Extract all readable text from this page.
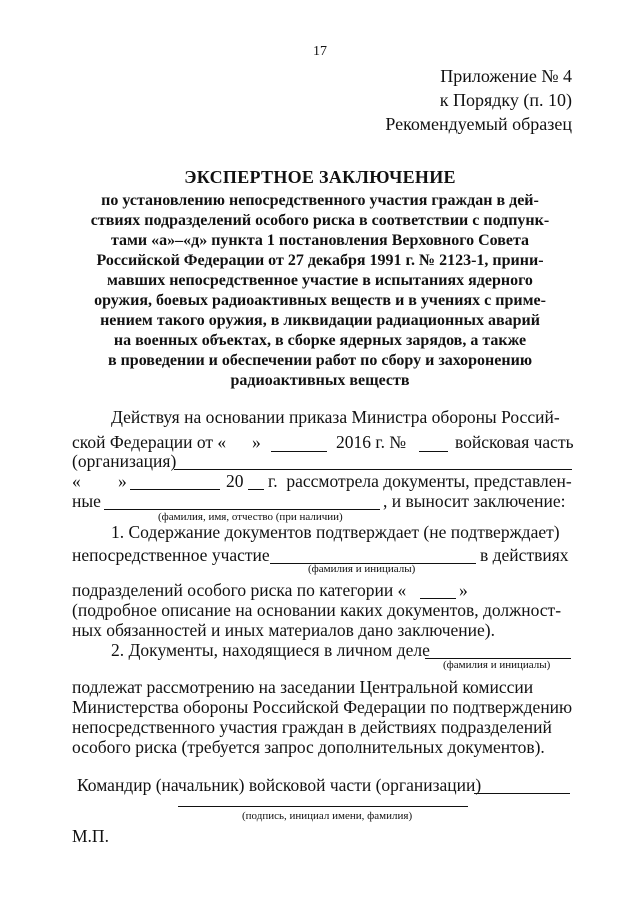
17
Приложение № 4
к Порядку (п. 10)
Рекомендуемый образец
ЭКСПЕРТНОЕ ЗАКЛЮЧЕНИЕ
по установлению непосредственного участия граждан в дей-
ствиях подразделений особого риска в соответствии с подпунк-
тами «а»–«д» пункта 1 постановления Верховного Совета
Российской Федерации от 27 декабря 1991 г. № 2123-1, прини-
мавших непосредственное участие в испытаниях ядерного
оружия, боевых радиоактивных веществ и в учениях с приме-
нением такого оружия, в ликвидации радиационных аварий
на военных объектах, в сборке ядерных зарядов, а также
в проведении и обеспечении работ по сбору и захоронению
радиоактивных веществ
Действуя на основании приказа Министра обороны Россий-
ской Федерации от « »	2016 г. №	войсковая часть
(организация)
« »	20 г.  рассмотрела документы, представлен-
ные	, и выносит заключение:
(фамилия, имя, отчество (при наличии)
1. Содержание документов подтверждает (не подтверждает)
непосредственное участие	в действиях
(фамилия и инициалы)
подразделений особого риска по категории «	»
(подробное описание на основании каких документов, должност-
ных обязанностей и иных материалов дано заключение).
2. Документы, находящиеся в личном деле
(фамилия и инициалы)
подлежат рассмотрению на заседании Центральной комиссии
Министерства обороны Российской Федерации по подтверждению
непосредственного участия граждан в действиях подразделений
особого риска (требуется запрос дополнительных документов).
Командир (начальник) войсковой части (организации)
(подпись, инициал имени, фамилия)
М.П.
